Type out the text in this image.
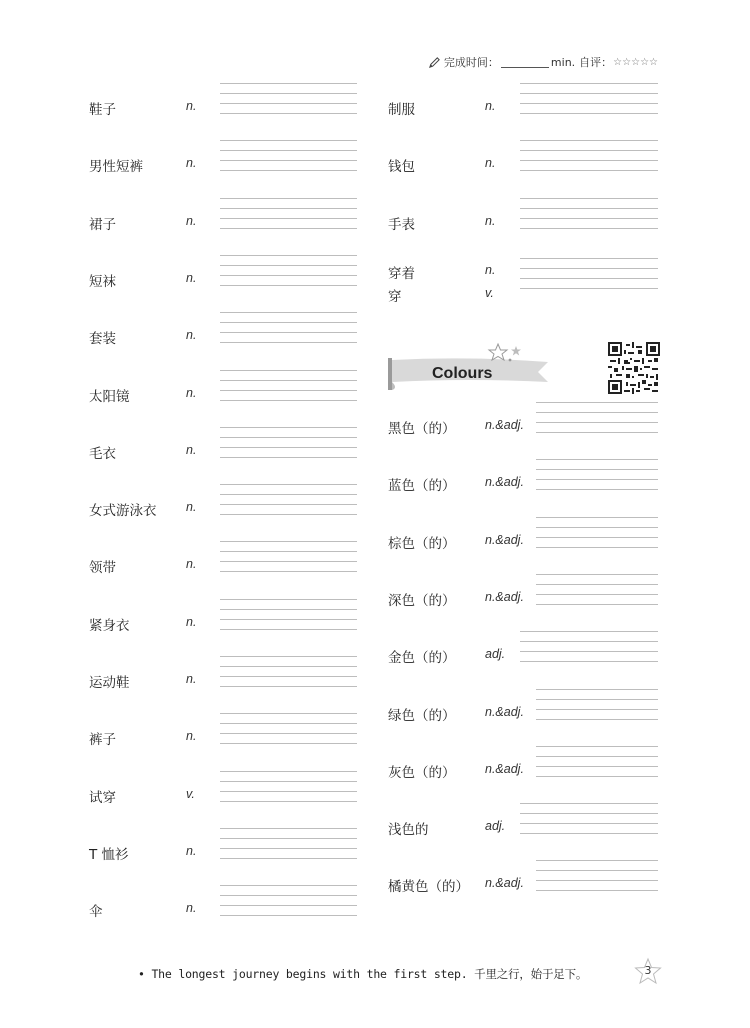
完成时间：	min. 自评： ☆☆☆☆☆
鞋子	n.
男性短裤	n.
裙子	n.
短袜	n.
套装	n.
太阳镜	n.
毛衣	n.
女式游泳衣 n.
领带	n.
紧身衣	n.
运动鞋	n.
裤子	n.
试穿	v.
T 恤衫	n.
伞	n.
制服	n.
钱包	n.
手表	n.
穿着	n.
穿	v.
Colours
黑色（的） n.&adj.
蓝色（的） n.&adj.
棕色（的） n.&adj.
深色（的） n.&adj.
金色（的） adj.
绿色（的） n.&adj.
灰色（的） n.&adj.
浅色的	adj.
橘黄色（的） n.&adj.
• The longest journey begins with the first step. 千里之行，始于足下。	3
